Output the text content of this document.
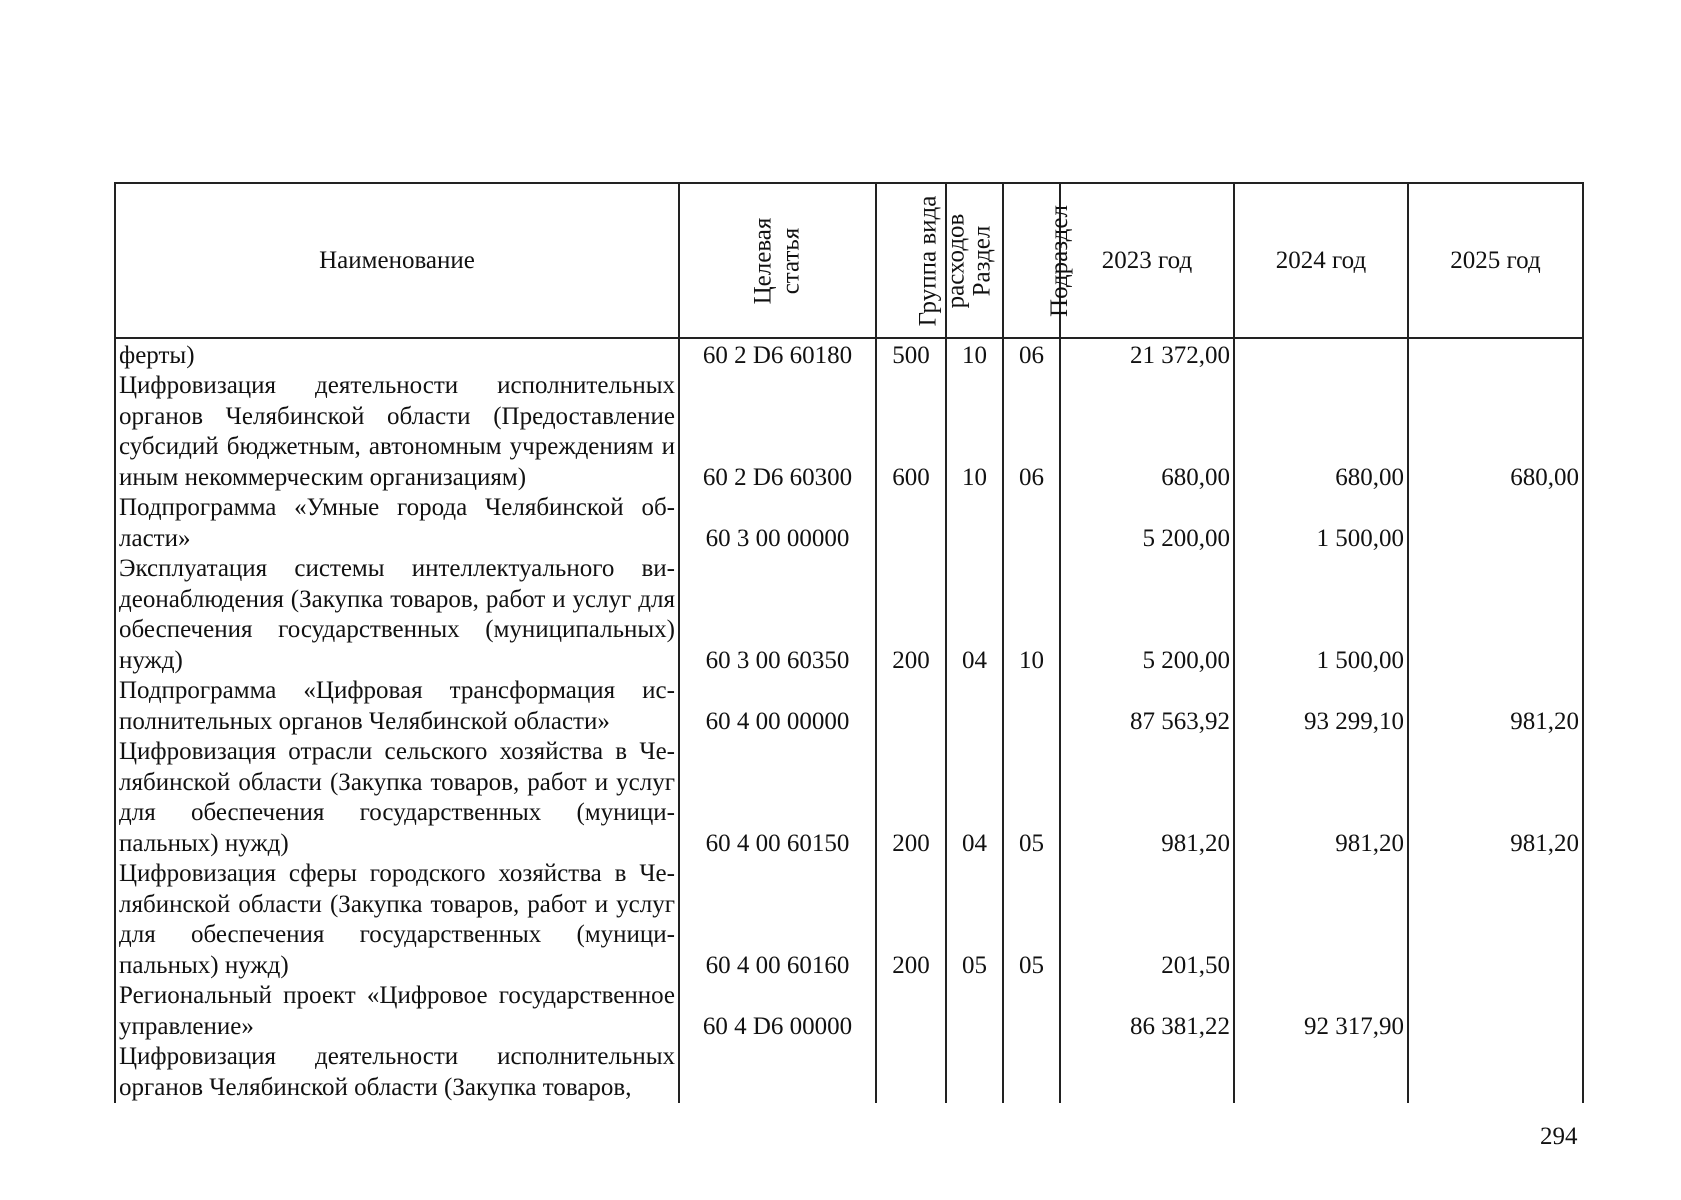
Наименование	Целевая статья	Группа вида расходов	Раздел	Подраздел	2023 год	2024 год	2025 год
ферты)	60 2 D6 60180	500	10	06	21 372,00		
Цифровизация деятельности исполнительных органов Челябинской области (Предоставление субсидий бюджетным, автономным учреждениям и иным некоммерческим организациям)	60 2 D6 60300	600	10	06	680,00	680,00	680,00
Подпрограмма «Умные города Челябинской области»	60 3 00 00000				5 200,00	1 500,00	
Эксплуатация системы интеллектуального видеонаблюдения (Закупка товаров, работ и услуг для обеспечения государственных (муниципальных) нужд)	60 3 00 60350	200	04	10	5 200,00	1 500,00	
Подпрограмма «Цифровая трансформация исполнительных органов Челябинской области»	60 4 00 00000				87 563,92	93 299,10	981,20
Цифровизация отрасли сельского хозяйства в Челябинской области (Закупка товаров, работ и услуг для обеспечения государственных (муниципальных) нужд)	60 4 00 60150	200	04	05	981,20	981,20	981,20
Цифровизация сферы городского хозяйства в Челябинской области (Закупка товаров, работ и услуг для обеспечения государственных (муниципальных) нужд)	60 4 00 60160	200	05	05	201,50		
Региональный проект «Цифровое государственное управление»	60 4 D6 00000				86 381,22	92 317,90	
Цифровизация деятельности исполнительных органов Челябинской области (Закупка товаров,							
294
